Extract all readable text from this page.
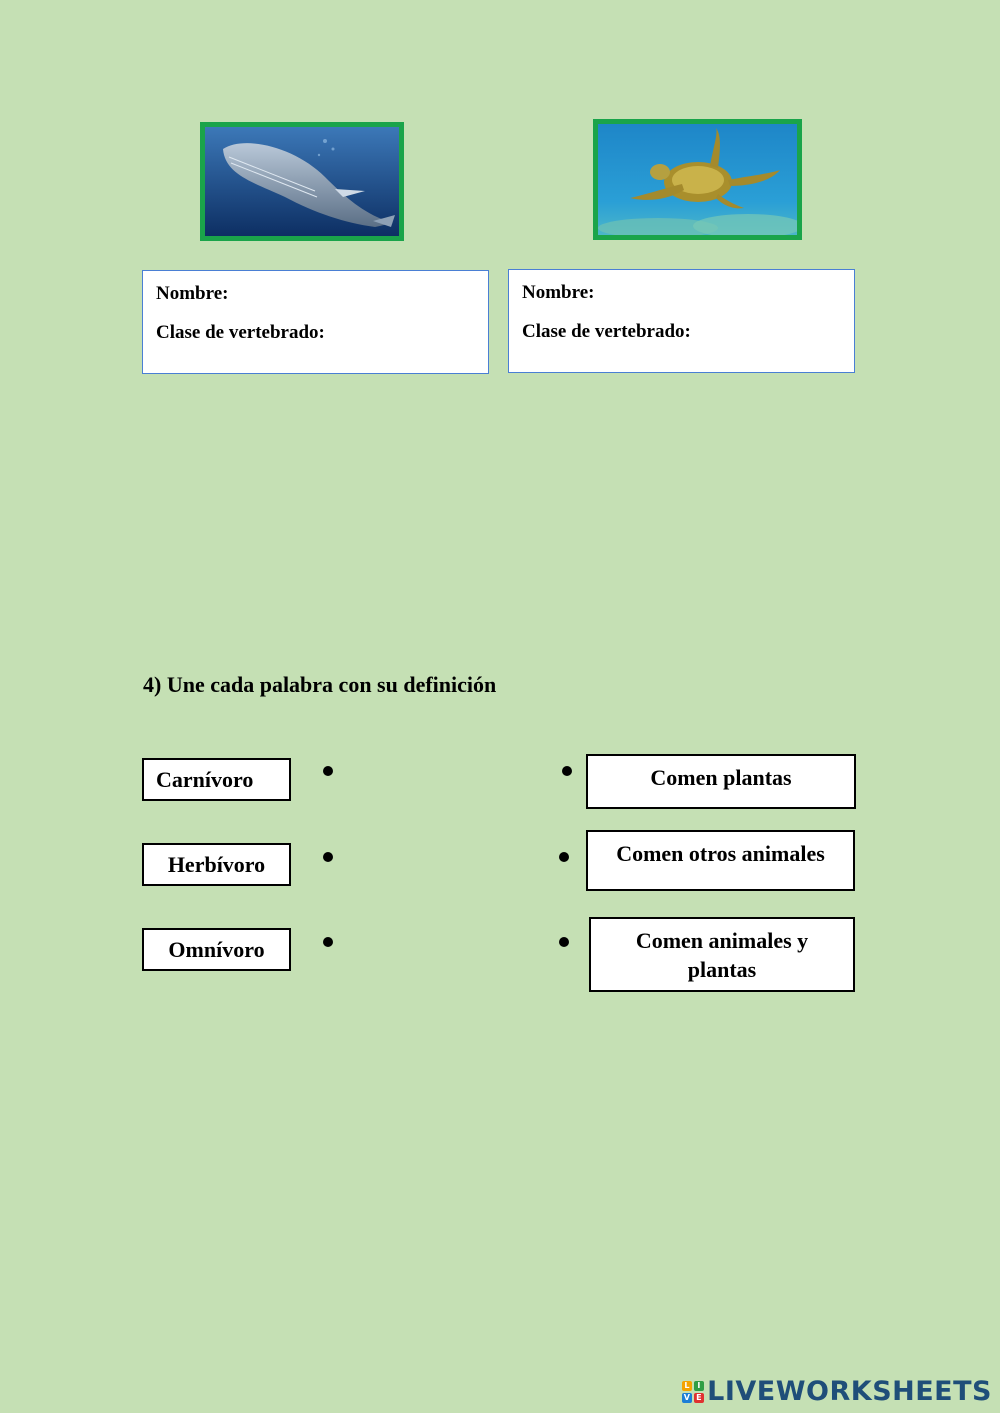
Nombre:

Clase de vertebrado:

Nombre:

Clase de vertebrado:

4) Une cada palabra con su definición
Carnívoro
Herbívoro
Omnívoro
Comen plantas
Comen otros animales
Comen animales y plantas
L I
V E LIVEWORKSHEETS
